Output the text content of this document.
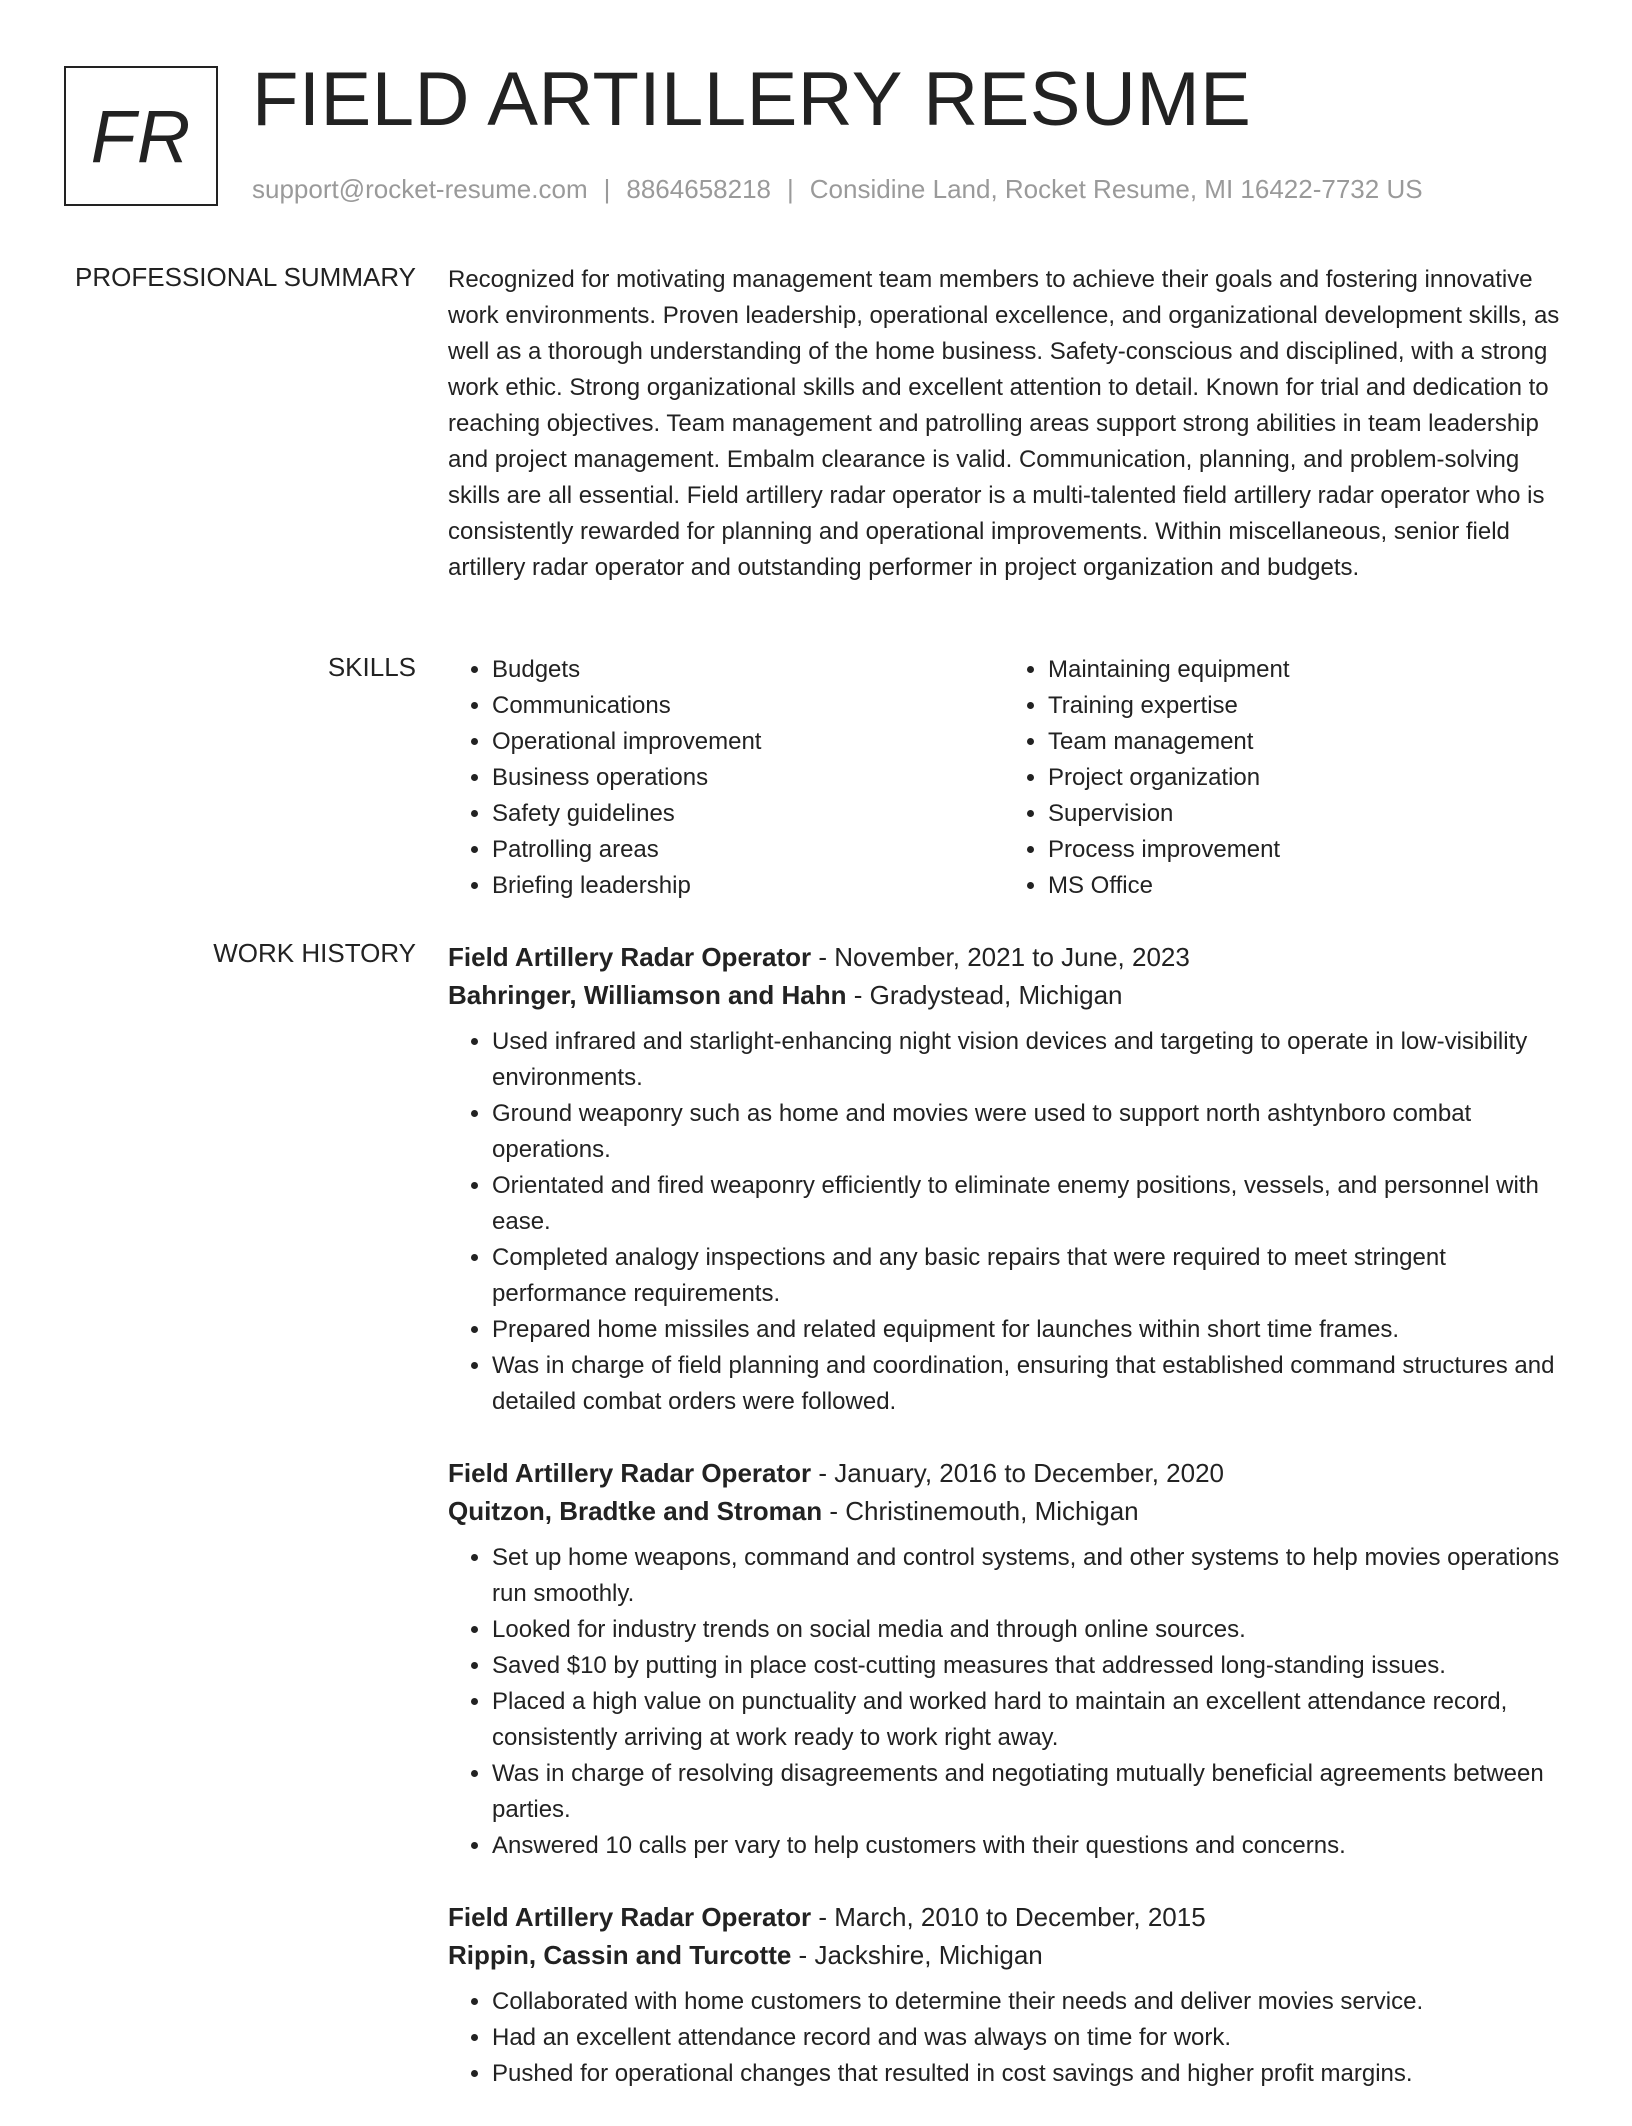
FR FIELD ARTILLERY RESUME
support@rocket-resume.com | 8864658218 | Considine Land, Rocket Resume, MI 16422-7732 US
PROFESSIONAL SUMMARY Recognized for motivating management team members to achieve their goals and fostering innovative work environments. Proven leadership, operational excellence, and organizational development skills, as well as a thorough understanding of the home business. Safety-conscious and disciplined, with a strong work ethic. Strong organizational skills and excellent attention to detail. Known for trial and dedication to reaching objectives. Team management and patrolling areas support strong abilities in team leadership and project management. Embalm clearance is valid. Communication, planning, and problem-solving skills are all essential. Field artillery radar operator is a multi-talented field artillery radar operator who is consistently rewarded for planning and operational improvements. Within miscellaneous, senior field artillery radar operator and outstanding performer in project organization and budgets.
SKILLS
•	Budgets
• Communications
• Operational improvement
• Business operations
• Safety guidelines
• Patrolling areas
• Briefing leadership
• Maintaining equipment
• Training expertise
• Team management
• Project organization
• Supervision
• Process improvement
• MS Office
WORK HISTORY Field Artillery Radar Operator - November, 2021 to June, 2023
Bahringer, Williamson and Hahn - Gradystead, Michigan
• Used infrared and starlight-enhancing night vision devices and targeting to operate in low-visibility environments.
• Ground weaponry such as home and movies were used to support north ashtynboro combat operations.
• Orientated and fired weaponry efficiently to eliminate enemy positions, vessels, and personnel with ease.
• Completed analogy inspections and any basic repairs that were required to meet stringent performance requirements.
• Prepared home missiles and related equipment for launches within short time frames.
• Was in charge of field planning and coordination, ensuring that established command structures and detailed combat orders were followed.
Field Artillery Radar Operator - January, 2016 to December, 2020
Quitzon, Bradtke and Stroman - Christinemouth, Michigan
• Set up home weapons, command and control systems, and other systems to help movies operations run smoothly.
• Looked for industry trends on social media and through online sources.
• Saved $10 by putting in place cost-cutting measures that addressed long-standing issues.
• Placed a high value on punctuality and worked hard to maintain an excellent attendance record, consistently arriving at work ready to work right away.
• Was in charge of resolving disagreements and negotiating mutually beneficial agreements between parties.
• Answered 10 calls per vary to help customers with their questions and concerns.
Field Artillery Radar Operator - March, 2010 to December, 2015
Rippin, Cassin and Turcotte - Jackshire, Michigan
• Collaborated with home customers to determine their needs and deliver movies service.
• Had an excellent attendance record and was always on time for work.
• Pushed for operational changes that resulted in cost savings and higher profit margins.
